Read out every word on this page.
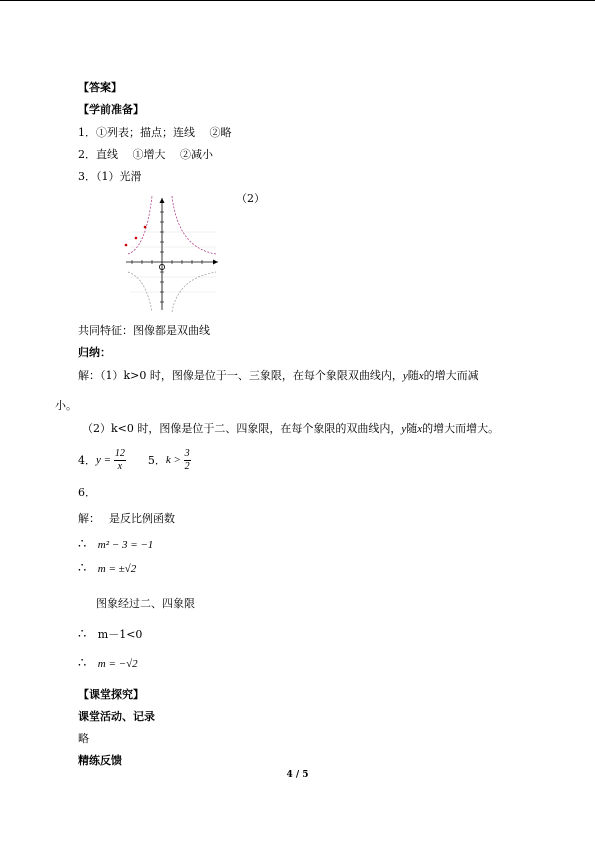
【答案】
【学前准备】
1．①列表；描点；连线　 ②略
2．直线　 ①增大　 ②减小
3．（1）光滑
（2）
共同特征：图像都是双曲线
归纳：
解：（1）k>0 时，图像是位于一、三象限，在每个象限双曲线内，y随x的增大而减
小。
（2）k<0 时，图像是位于二、四象限，在每个象限的双曲线内，y随x的增大而增大。
4． $y = \frac{12}{x} 5$． $k > \frac{3}{2}$
6．
解：　 是反比例函数
∴ m² − 3 = −1
∴ m = ±√2
图象经过二、四象限
∴ m－1<0
∴ m = −√2
【课堂探究】
课堂活动、记录
略
精练反馈
4 / 5
